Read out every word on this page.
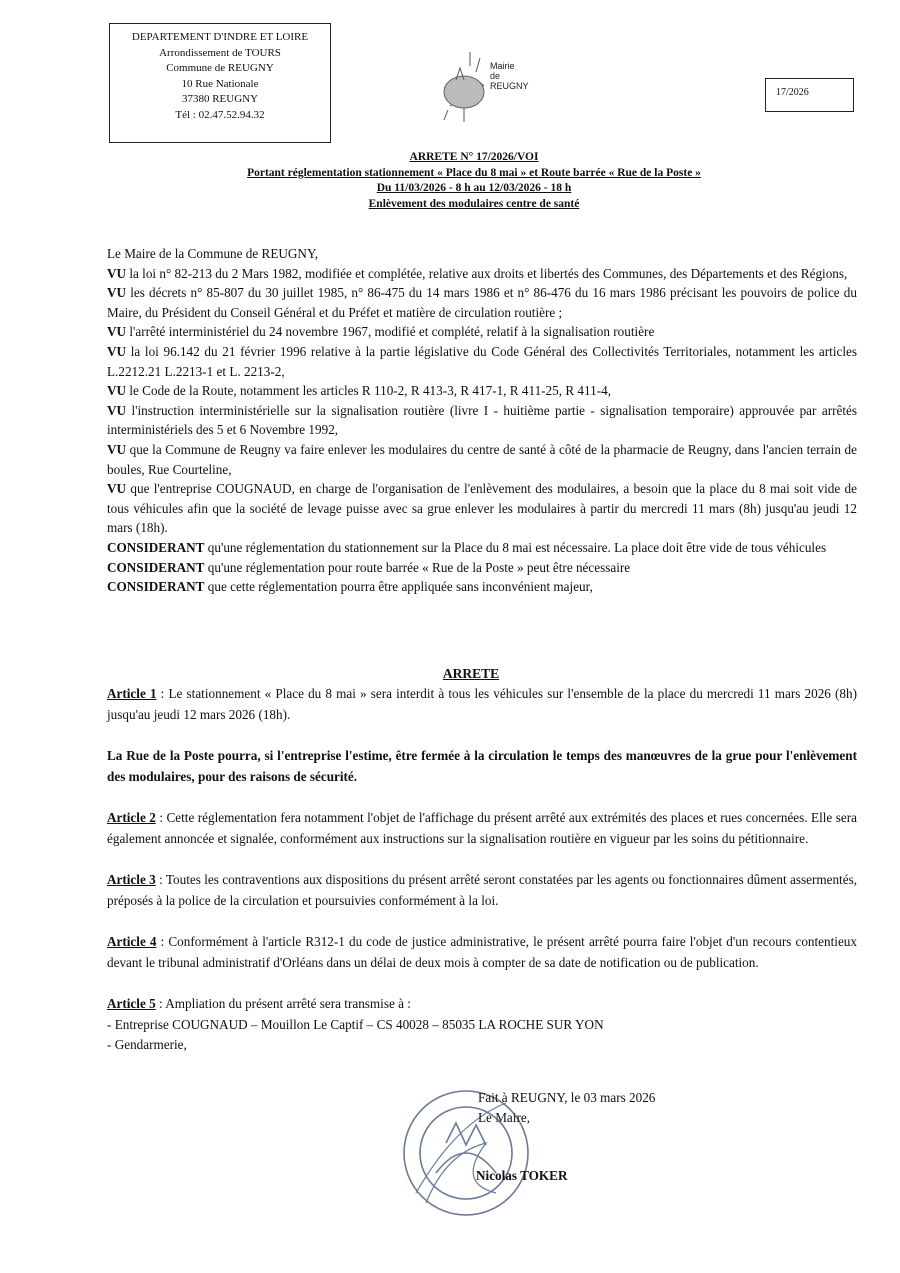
DEPARTEMENT D'INDRE ET LOIRE
Arrondissement de TOURS
Commune de REUGNY
10 Rue Nationale
37380 REUGNY
Tél : 02.47.52.94.32
Mairie
de
REUGNY
17/2026
ARRETE N° 17/2026/VOI
Portant réglementation stationnement « Place du 8 mai » et Route barrée « Rue de la Poste »
Du 11/03/2026 - 8 h au 12/03/2026 - 18 h
Enlèvement des modulaires centre de santé

Le Maire de la Commune de REUGNY,

VU la loi n° 82-213 du 2 Mars 1982, modifiée et complétée, relative aux droits et libertés des Communes, des Départements et des Régions,

VU les décrets n° 85-807 du 30 juillet 1985, n° 86-475 du 14 mars 1986 et n° 86-476 du 16 mars 1986 précisant les pouvoirs de police du Maire, du Président du Conseil Général et du Préfet et matière de circulation routière ;

VU l'arrêté interministériel du 24 novembre 1967, modifié et complété, relatif à la signalisation routière

VU la loi 96.142 du 21 février 1996 relative à la partie législative du Code Général des Collectivités Territoriales, notamment les articles L.2212.21 L.2213-1 et L. 2213-2,

VU le Code de la Route, notamment les articles R 110-2, R 413-3, R 417-1, R 411-25, R 411-4,

VU l'instruction interministérielle sur la signalisation routière (livre I - huitième partie - signalisation temporaire) approuvée par arrêtés interministériels des 5 et 6 Novembre 1992,

VU que la Commune de Reugny va faire enlever les modulaires du centre de santé à côté de la pharmacie de Reugny, dans l'ancien terrain de boules, Rue Courteline,

VU que l'entreprise COUGNAUD, en charge de l'organisation de l'enlèvement des modulaires, a besoin que la place du 8 mai soit vide de tous véhicules afin que la société de levage puisse avec sa grue enlever les modulaires à partir du mercredi 11 mars (8h) jusqu'au jeudi 12 mars (18h).

CONSIDERANT qu'une réglementation du stationnement sur la Place du 8 mai est nécessaire. La place doit être vide de tous véhicules

CONSIDERANT qu'une réglementation pour route barrée « Rue de la Poste » peut être nécessaire

CONSIDERANT que cette réglementation pourra être appliquée sans inconvénient majeur,

ARRETE

Article 1 : Le stationnement « Place du 8 mai » sera interdit à tous les véhicules sur l'ensemble de la place du mercredi 11 mars 2026 (8h) jusqu'au jeudi 12 mars 2026 (18h).

La Rue de la Poste pourra, si l'entreprise l'estime, être fermée à la circulation le temps des manœuvres de la grue pour l'enlèvement des modulaires, pour des raisons de sécurité.

Article 2 : Cette réglementation fera notamment l'objet de l'affichage du présent arrêté aux extrémités des places et rues concernées. Elle sera également annoncée et signalée, conformément aux instructions sur la signalisation routière en vigueur par les soins du pétitionnaire.

Article 3 : Toutes les contraventions aux dispositions du présent arrêté seront constatées par les agents ou fonctionnaires dûment assermentés, préposés à la police de la circulation et poursuivies conformément à la loi.

Article 4 : Conformément à l'article R312-1 du code de justice administrative, le présent arrêté pourra faire l'objet d'un recours contentieux devant le tribunal administratif d'Orléans dans un délai de deux mois à compter de sa date de notification ou de publication.

Article 5 : Ampliation du présent arrêté sera transmise à :

- Entreprise COUGNAUD – Mouillon Le Captif – CS 40028 – 85035 LA ROCHE SUR YON

- Gendarmerie,

Fait à REUGNY, le 03 mars 2026
Le Maire,
Nicolas TOKER
